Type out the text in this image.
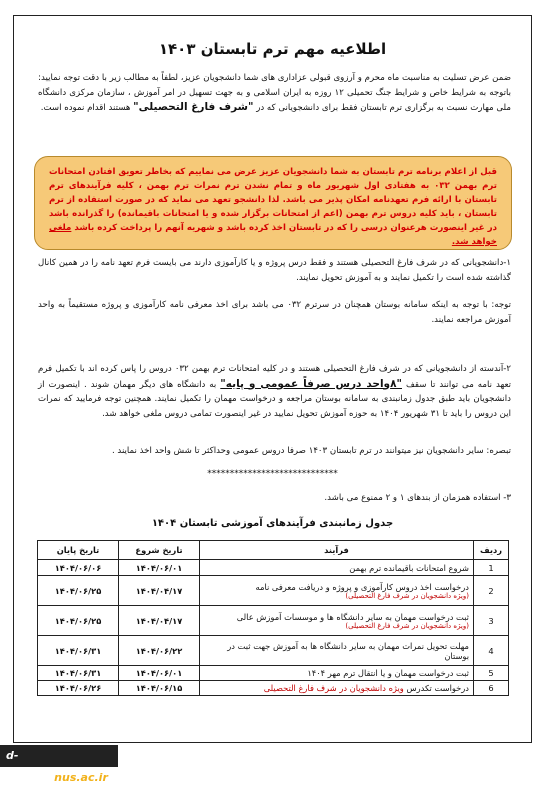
اطلاعیه مهم ترم تابستان ۱۴۰۳
ضمن عرض تسلیت به مناسبت ماه محرم و آرزوی قبولی عزاداری های شما دانشجویان عزیز، لطفاً به مطالب زیر با دقت توجه نمایید:
باتوجه به شرایط خاص و شرایط جنگ تحمیلی ۱۲ روزه به ایران اسلامی و به جهت تسهیل در امر آموزش ، سازمان مرکزی دانشگاه ملی مهارت نسبت به برگزاری ترم تابستان فقط برای دانشجویانی که در "شرف فارغ التحصیلی" هستند اقدام نموده است.
قبل از اعلام برنامه ترم تابستان به شما دانشجویان عزیز عرض می نماییم که بخاطر تعویق افتادن امتحانات ترم بهمن ۰۳۲ به هفتادی اول شهریور ماه و تمام نشدن ترم نمرات ترم بهمن ، کلیه فرآیندهای ترم تابستان با ارائه فرم تعهدنامه امکان پذیر می باشد. لذا دانشجو تعهد می نماید که در صورت استفاده از ترم تابستان ، باید کلیه دروس ترم بهمن (اعم از امتحانات برگزار شده و یا امتحانات باقیمانده) را گذرانده باشد در غیر اینصورت هرعنوان درسی را که در تابستان اخذ کرده باشد و شهریه آنهم را پرداخت کرده باشد ملغی خواهد شد.
۱-دانشجویانی که در شرف فارغ التحصیلی هستند و فقط درس پروژه و یا کارآموزی دارند می بایست فرم تعهد نامه را در همین کانال گذاشته شده است را تکمیل نمایند و به آموزش تحویل نمایند.
توجه: با توجه به اینکه سامانه بوستان همچنان در سرترم ۰۳۲ می باشد برای اخذ معرفی نامه کارآموزی و پروژه مستقیماً به واحد آموزش مراجعه نمایند.
۲-آندسته از دانشجویانی که در شرف فارغ التحصیلی هستند و در کلیه امتحانات ترم بهمن ۰۳۲ دروس را پاس کرده اند با تکمیل فرم تعهد نامه می توانند تا سقف "۸واحد درس صرفاً عمومی و پایه" به دانشگاه های دیگر مهمان شوند . اینصورت از دانشجویان باید طبق جدول زمانبندی به سامانه بوستان مراجعه و درخواست مهمان را تکمیل نمایند. همچنین توجه فرمایید که نمرات این دروس را باید تا ۳۱ شهریور ۱۴۰۴ به حوزه آموزش تحویل نمایید در غیر اینصورت تمامی دروس ملغی خواهد شد.
تبصره: سایر دانشجویان نیز میتوانند در ترم تابستان ۱۴۰۳ صرفا دروس عمومی وحداکثر تا شش واحد اخذ نمایند .
*****************************
۳- استفاده همزمان از بندهای ۱ و ۲ ممنوع می باشد.
جدول زمانبندی فرآیندهای آموزشی تابستان ۱۴۰۴
ردیف	فرآیند	تاریخ شروع	تاریخ پایان
1	شروع امتحانات باقیمانده ترم بهمن	۱۴۰۴/۰۶/۰۱	۱۴۰۴/۰۶/۰۶
2	درخواست اخذ دروس کارآموزی و پروژه و دریافت معرفی نامه
(ویژه دانشجویان در شرف فارغ التحصیلی)	۱۴۰۴/۰۴/۱۷	۱۴۰۴/۰۶/۲۵
3	ثبت درخواست مهمان به سایر دانشگاه ها و موسسات آموزش عالی
(ویژه دانشجویان در شرف فارغ التحصیلی)	۱۴۰۴/۰۴/۱۷	۱۴۰۴/۰۶/۲۵
4	مهلت تحویل نمرات مهمان به سایر دانشگاه ها به آموزش جهت ثبت در بوستان	۱۴۰۴/۰۶/۲۲	۱۴۰۴/۰۶/۳۱
5	ثبت درخواست مهمان و یا انتقال ترم مهر ۱۴۰۴	۱۴۰۴/۰۶/۰۱	۱۴۰۴/۰۶/۳۱
6	درخواست تکدرس ویژه دانشجویان در شرف فارغ التحصیلی	۱۴۰۴/۰۶/۱۵	۱۴۰۴/۰۶/۲۶
d-gorgan.nus.ac.ir
